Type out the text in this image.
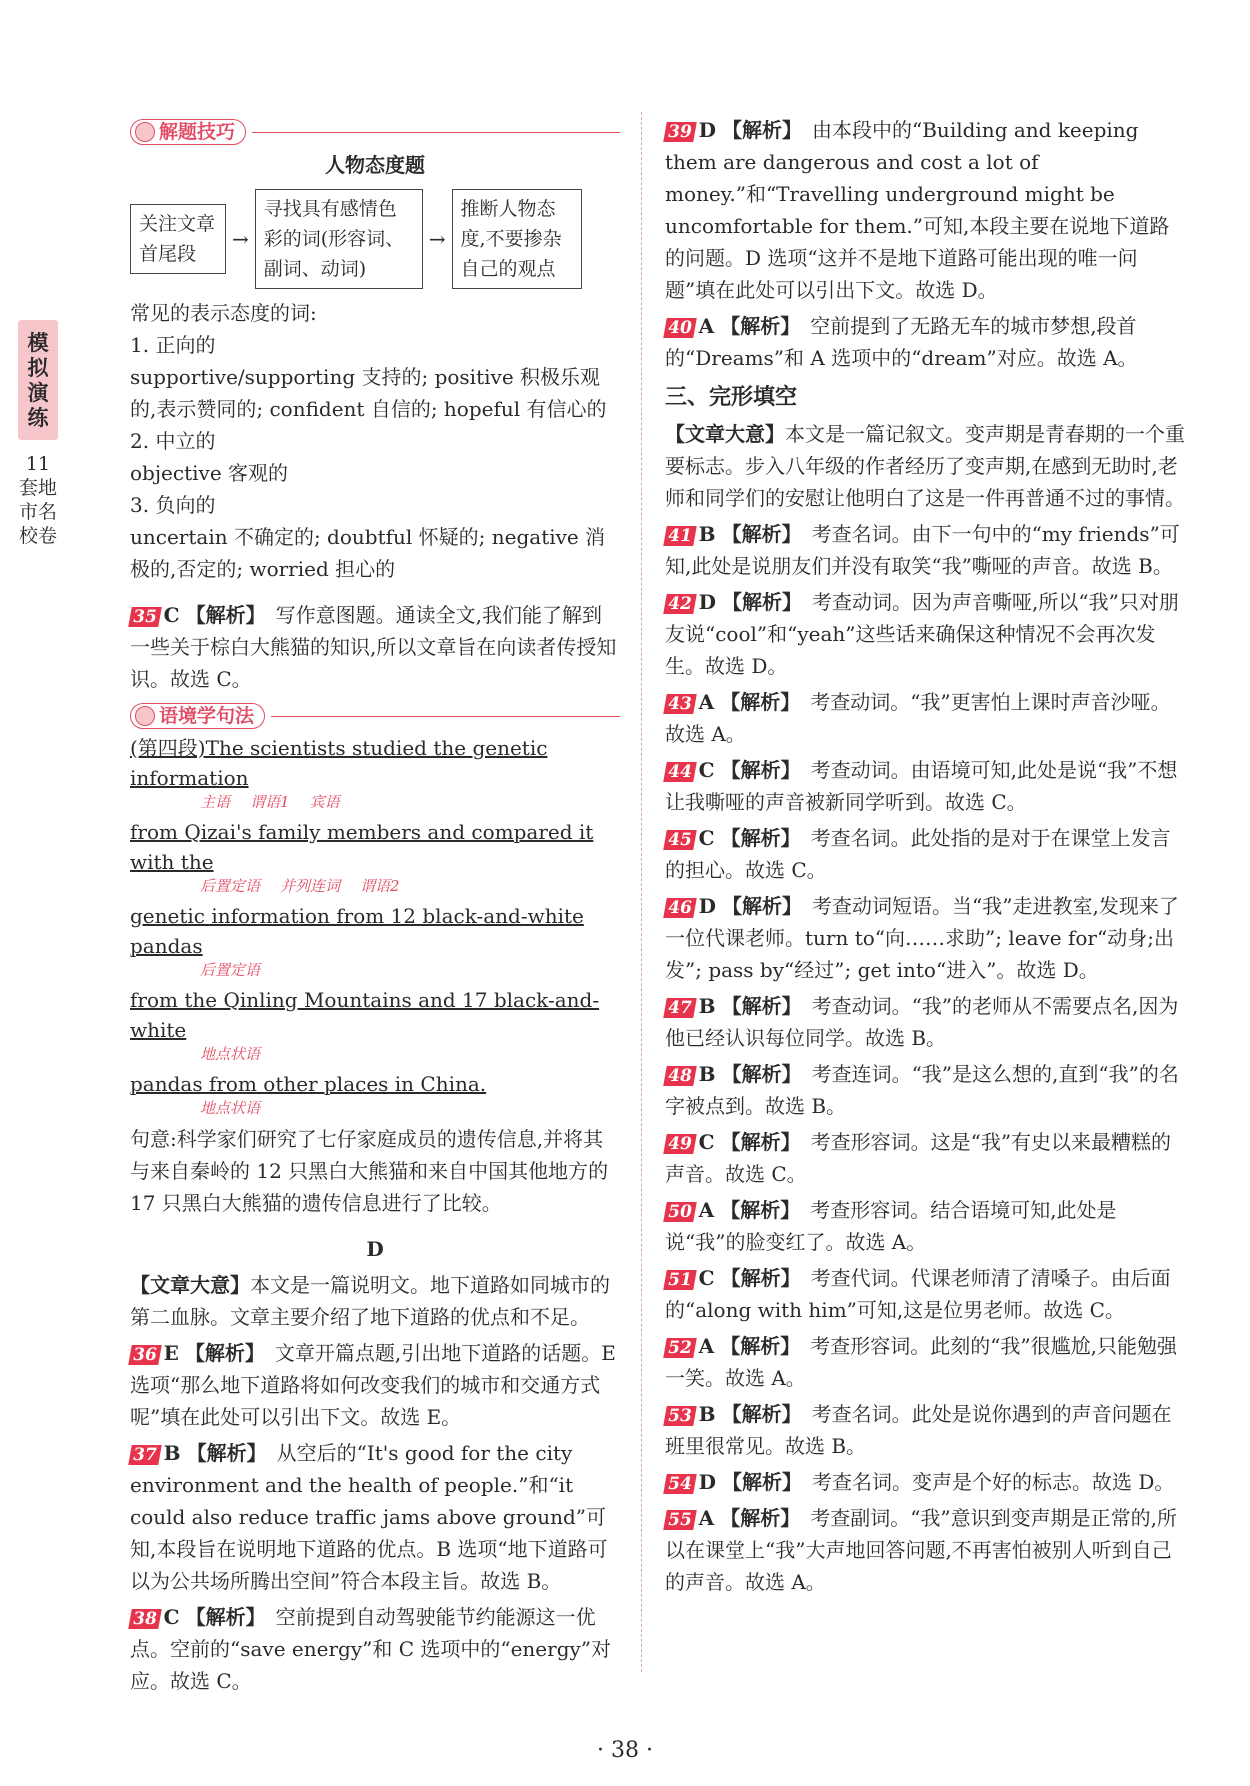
模拟演练
11套地市名校卷
解题技巧
人物态度题
关注文章首尾段
→
寻找具有感情色彩的词(形容词、副词、动词)
→
推断人物态度,不要掺杂自己的观点
常见的表示态度的词:
1. 正向的
supportive/supporting 支持的; positive 积极乐观的,表示赞同的; confident 自信的; hopeful 有信心的
2. 中立的
objective 客观的
3. 负向的
uncertain 不确定的; doubtful 怀疑的; negative 消极的,否定的; worried 担心的
35 C 【解析】 写作意图题。通读全文,我们能了解到一些关于棕白大熊猫的知识,所以文章旨在向读者传授知识。故选 C。
语境学句法
(第四段)The scientists studied the genetic information
主语 谓语1 宾语
from Qizai's family members and compared it with the
后置定语 并列连词 谓语2
genetic information from 12 black-and-white pandas
后置定语
from the Qinling Mountains and 17 black-and-white
地点状语
pandas from other places in China.
地点状语
句意:科学家们研究了七仔家庭成员的遗传信息,并将其与来自秦岭的 12 只黑白大熊猫和来自中国其他地方的 17 只黑白大熊猫的遗传信息进行了比较。
D
【文章大意】本文是一篇说明文。地下道路如同城市的第二血脉。文章主要介绍了地下道路的优点和不足。
36 E 【解析】 文章开篇点题,引出地下道路的话题。E 选项“那么地下道路将如何改变我们的城市和交通方式呢”填在此处可以引出下文。故选 E。
37 B 【解析】 从空后的“It's good for the city environment and the health of people.”和“it could also reduce traffic jams above ground”可知,本段旨在说明地下道路的优点。B 选项“地下道路可以为公共场所腾出空间”符合本段主旨。故选 B。
38 C 【解析】 空前提到自动驾驶能节约能源这一优点。空前的“save energy”和 C 选项中的“energy”对应。故选 C。
39 D 【解析】 由本段中的“Building and keeping them are dangerous and cost a lot of money.”和“Travelling underground might be uncomfortable for them.”可知,本段主要在说地下道路的问题。D 选项“这并不是地下道路可能出现的唯一问题”填在此处可以引出下文。故选 D。
40 A 【解析】 空前提到了无路无车的城市梦想,段首的“Dreams”和 A 选项中的“dream”对应。故选 A。
三、完形填空
【文章大意】本文是一篇记叙文。变声期是青春期的一个重要标志。步入八年级的作者经历了变声期,在感到无助时,老师和同学们的安慰让他明白了这是一件再普通不过的事情。
41 B 【解析】 考查名词。由下一句中的“my friends”可知,此处是说朋友们并没有取笑“我”嘶哑的声音。故选 B。
42 D 【解析】 考查动词。因为声音嘶哑,所以“我”只对朋友说“cool”和“yeah”这些话来确保这种情况不会再次发生。故选 D。
43 A 【解析】 考查动词。“我”更害怕上课时声音沙哑。故选 A。
44 C 【解析】 考查动词。由语境可知,此处是说“我”不想让我嘶哑的声音被新同学听到。故选 C。
45 C 【解析】 考查名词。此处指的是对于在课堂上发言的担心。故选 C。
46 D 【解析】 考查动词短语。当“我”走进教室,发现来了一位代课老师。turn to“向……求助”; leave for“动身;出发”; pass by“经过”; get into“进入”。故选 D。
47 B 【解析】 考查动词。“我”的老师从不需要点名,因为他已经认识每位同学。故选 B。
48 B 【解析】 考查连词。“我”是这么想的,直到“我”的名字被点到。故选 B。
49 C 【解析】 考查形容词。这是“我”有史以来最糟糕的声音。故选 C。
50 A 【解析】 考查形容词。结合语境可知,此处是说“我”的脸变红了。故选 A。
51 C 【解析】 考查代词。代课老师清了清嗓子。由后面的“along with him”可知,这是位男老师。故选 C。
52 A 【解析】 考查形容词。此刻的“我”很尴尬,只能勉强一笑。故选 A。
53 B 【解析】 考查名词。此处是说你遇到的声音问题在班里很常见。故选 B。
54 D 【解析】 考查名词。变声是个好的标志。故选 D。
55 A 【解析】 考查副词。“我”意识到变声期是正常的,所以在课堂上“我”大声地回答问题,不再害怕被别人听到自己的声音。故选 A。
· 38 ·
